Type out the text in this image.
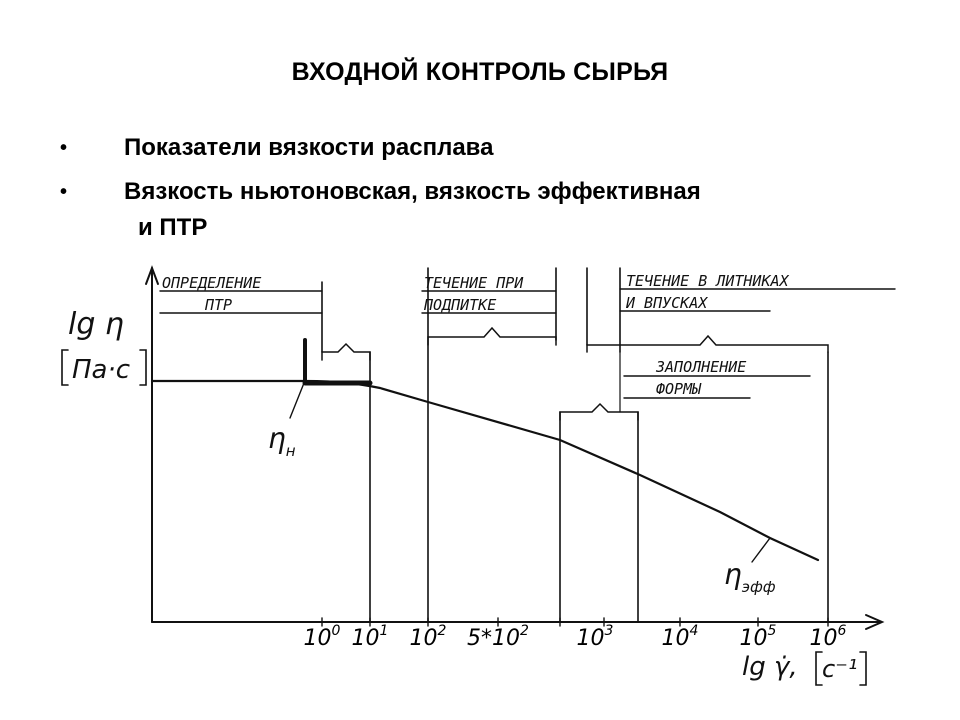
ВХОДНОЙ КОНТРОЛЬ СЫРЬЯ
• Показатели вязкости расплава
• Вязкость ньютоновская, вязкость эффективная
и ПТР
lg η
Па·с
ОПРЕДЕЛЕНИЕ
ПТР
ТЕЧЕНИЕ ПРИ
ПОДПИТКЕ
ТЕЧЕНИЕ В ЛИТНИКАХ
И ВПУСКАХ
ЗАПОЛНЕНИЕ
ФОРМЫ
$\eta_н$
$\eta_{эфф}$
$10^0$ $10^1$ $10^2$ $5*10^2$ $10^3$ $10^4$ $10^5$ $10^6$
lg γ̇, с⁻¹
